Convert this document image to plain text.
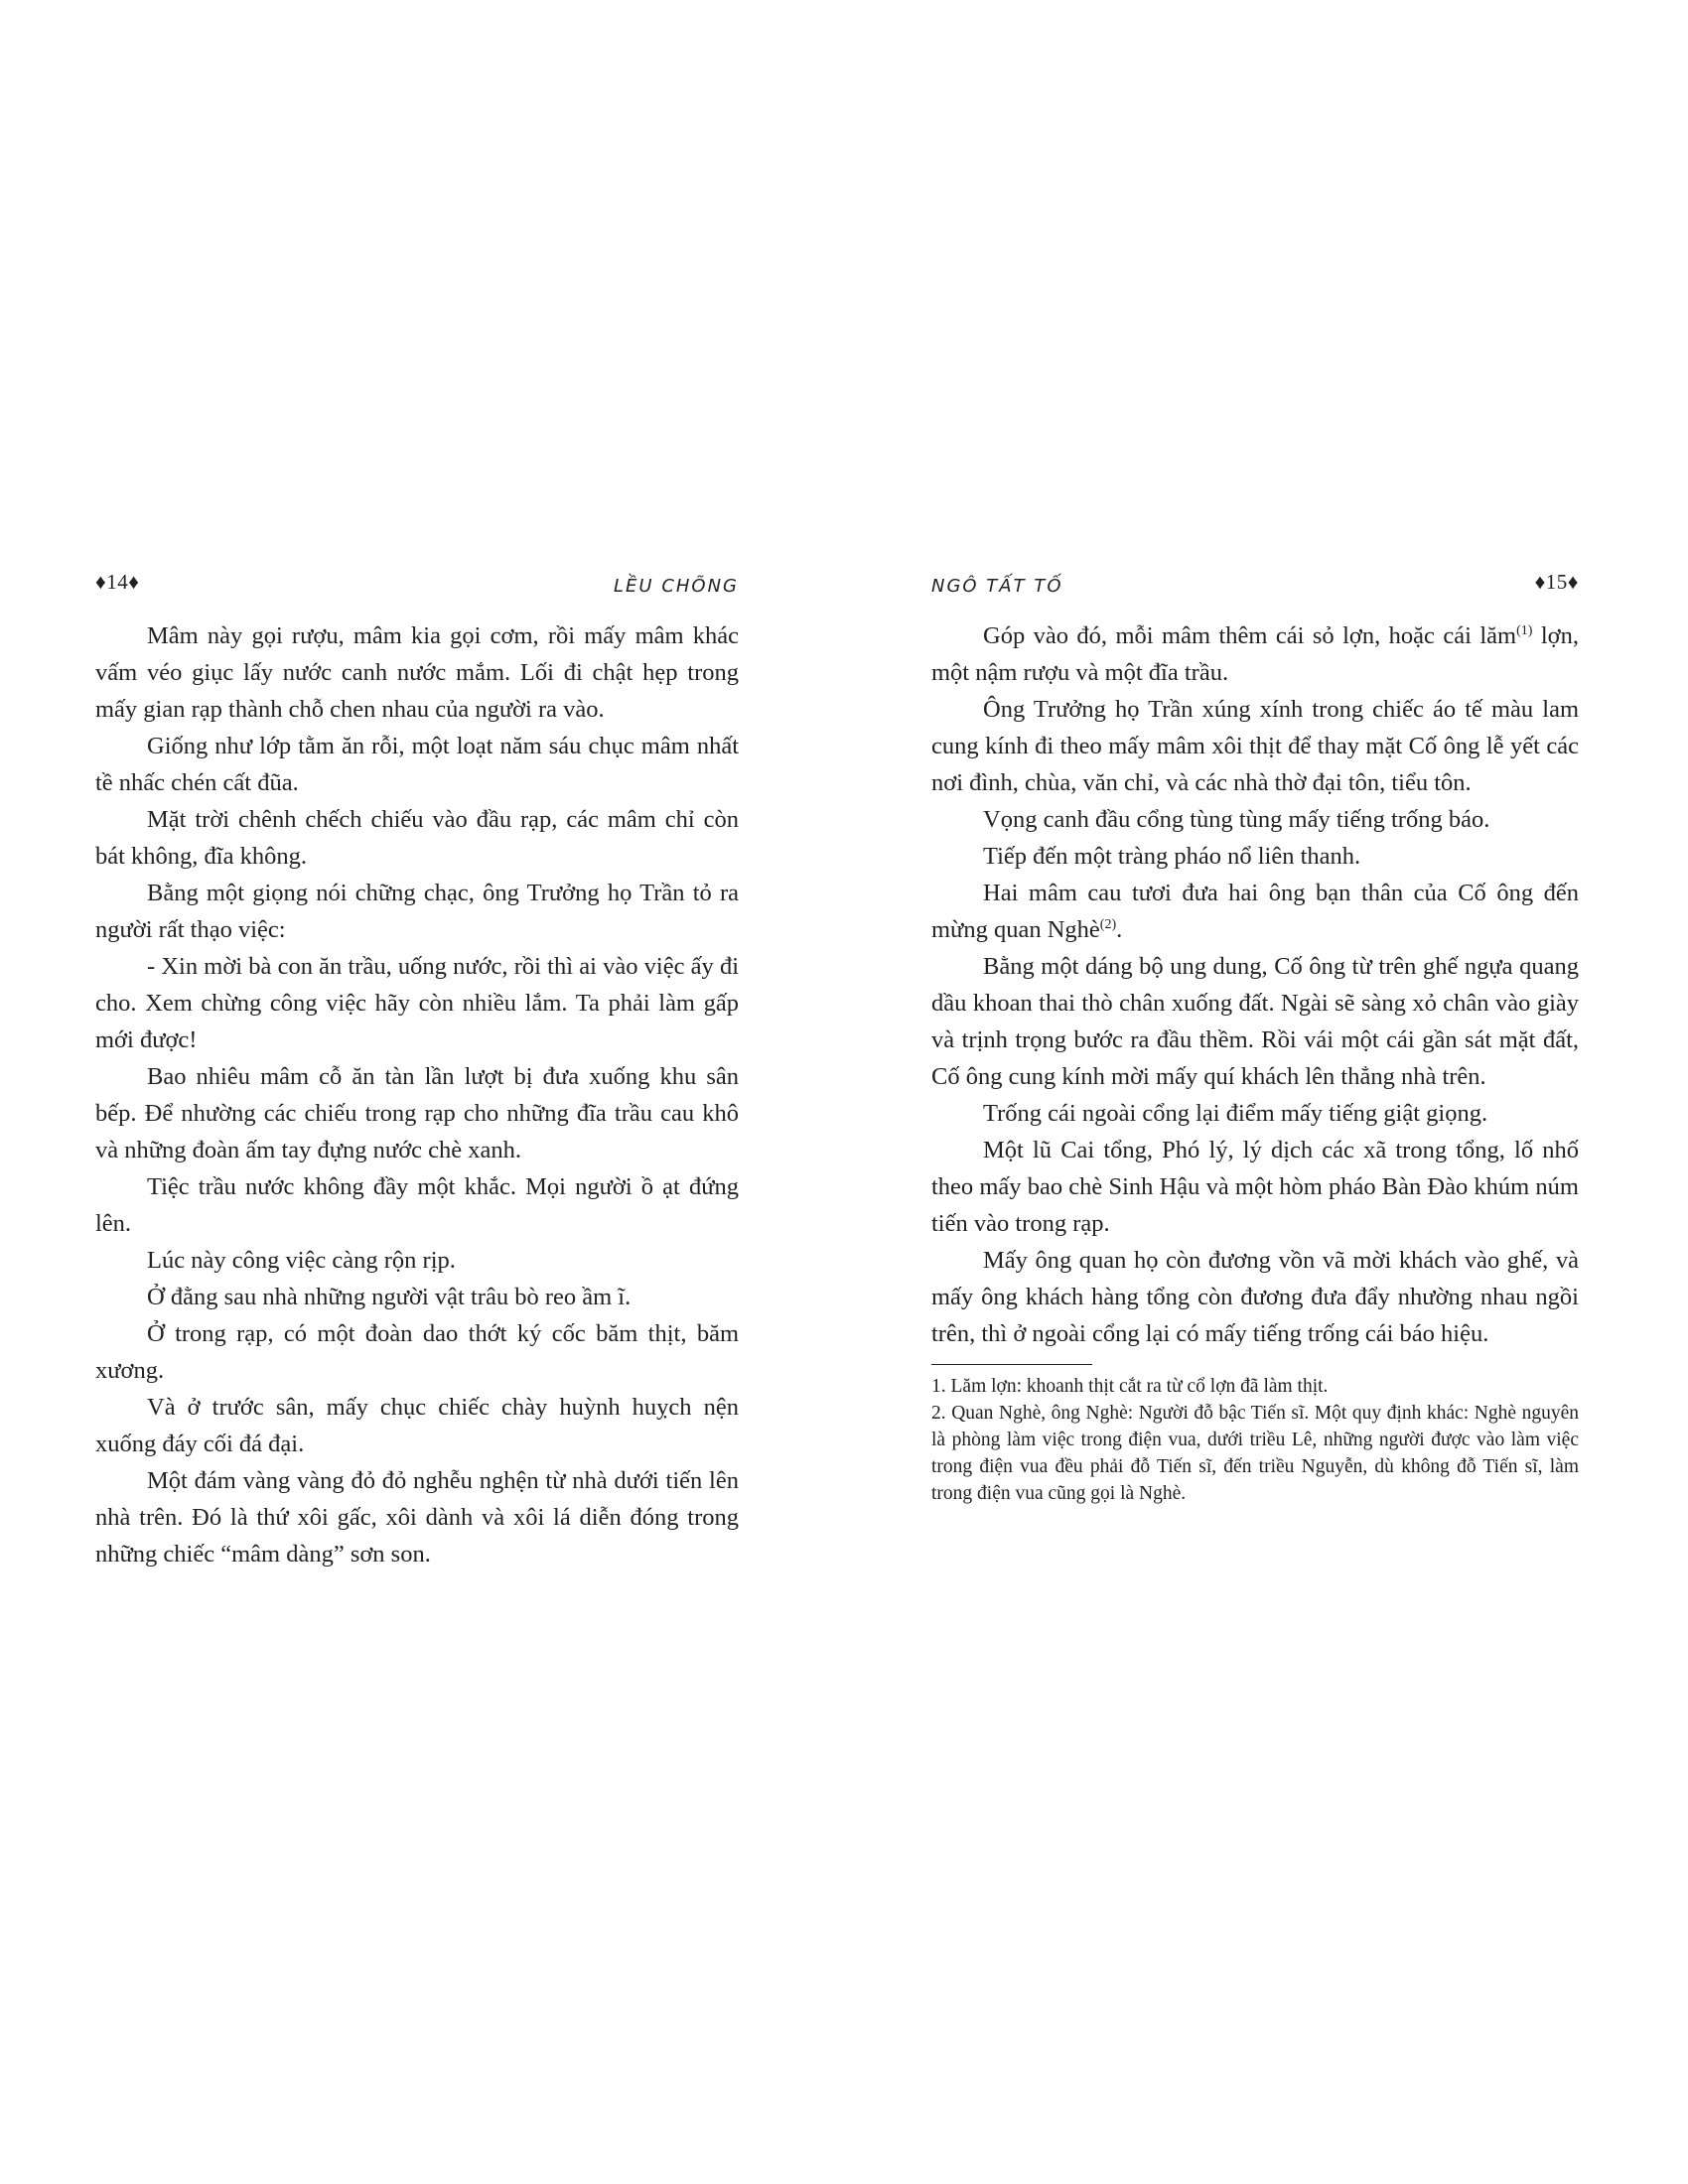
♦14♦	LỀU CHÕNG

Mâm này gọi rượu, mâm kia gọi cơm, rồi mấy mâm khác vấm véo giục lấy nước canh nước mắm. Lối đi chật hẹp trong mấy gian rạp thành chỗ chen nhau của người ra vào.

Giống như lớp tằm ăn rỗi, một loạt năm sáu chục mâm nhất tề nhấc chén cất đũa.

Mặt trời chênh chếch chiếu vào đầu rạp, các mâm chỉ còn bát không, đĩa không.

Bằng một giọng nói chững chạc, ông Trưởng họ Trần tỏ ra người rất thạo việc:

- Xin mời bà con ăn trầu, uống nước, rồi thì ai vào việc ấy đi cho. Xem chừng công việc hãy còn nhiều lắm. Ta phải làm gấp mới được!

Bao nhiêu mâm cỗ ăn tàn lần lượt bị đưa xuống khu sân bếp. Để nhường các chiếu trong rạp cho những đĩa trầu cau khô và những đoàn ấm tay đựng nước chè xanh.

Tiệc trầu nước không đầy một khắc. Mọi người ồ ạt đứng lên.

Lúc này công việc càng rộn rịp.

Ở đằng sau nhà những người vật trâu bò reo ầm ĩ.

Ở trong rạp, có một đoàn dao thớt ký cốc băm thịt, băm xương.

Và ở trước sân, mấy chục chiếc chày huỳnh huỵch nện xuống đáy cối đá đại.

Một đám vàng vàng đỏ đỏ nghễu nghện từ nhà dưới tiến lên nhà trên. Đó là thứ xôi gấc, xôi dành và xôi lá diễn đóng trong những chiếc “mâm dàng” sơn son.

NGÔ TẤT TỐ	♦15♦

Góp vào đó, mỗi mâm thêm cái sỏ lợn, hoặc cái lăm$^{(1)}$ lợn, một nậm rượu và một đĩa trầu.

Ông Trưởng họ Trần xúng xính trong chiếc áo tế màu lam cung kính đi theo mấy mâm xôi thịt để thay mặt Cố ông lễ yết các nơi đình, chùa, văn chỉ, và các nhà thờ đại tôn, tiểu tôn.

Vọng canh đầu cổng tùng tùng mấy tiếng trống báo.

Tiếp đến một tràng pháo nổ liên thanh.

Hai mâm cau tươi đưa hai ông bạn thân của Cố ông đến mừng quan Nghè$^{(2)}$.

Bằng một dáng bộ ung dung, Cố ông từ trên ghế ngựa quang dầu khoan thai thò chân xuống đất. Ngài sẽ sàng xỏ chân vào giày và trịnh trọng bước ra đầu thềm. Rồi vái một cái gần sát mặt đất, Cố ông cung kính mời mấy quí khách lên thẳng nhà trên.

Trống cái ngoài cổng lại điểm mấy tiếng giật giọng.

Một lũ Cai tổng, Phó lý, lý dịch các xã trong tổng, lố nhố theo mấy bao chè Sinh Hậu và một hòm pháo Bàn Đào khúm núm tiến vào trong rạp.

Mấy ông quan họ còn đương vồn vã mời khách vào ghế, và mấy ông khách hàng tổng còn đương đưa đẩy nhường nhau ngồi trên, thì ở ngoài cổng lại có mấy tiếng trống cái báo hiệu.

1. Lăm lợn: khoanh thịt cắt ra từ cổ lợn đã làm thịt.

2. Quan Nghè, ông Nghè: Người đỗ bậc Tiến sĩ. Một quy định khác: Nghè nguyên là phòng làm việc trong điện vua, dưới triều Lê, những người được vào làm việc trong điện vua đều phải đỗ Tiến sĩ, đến triều Nguyễn, dù không đỗ Tiến sĩ, làm trong điện vua cũng gọi là Nghè.
